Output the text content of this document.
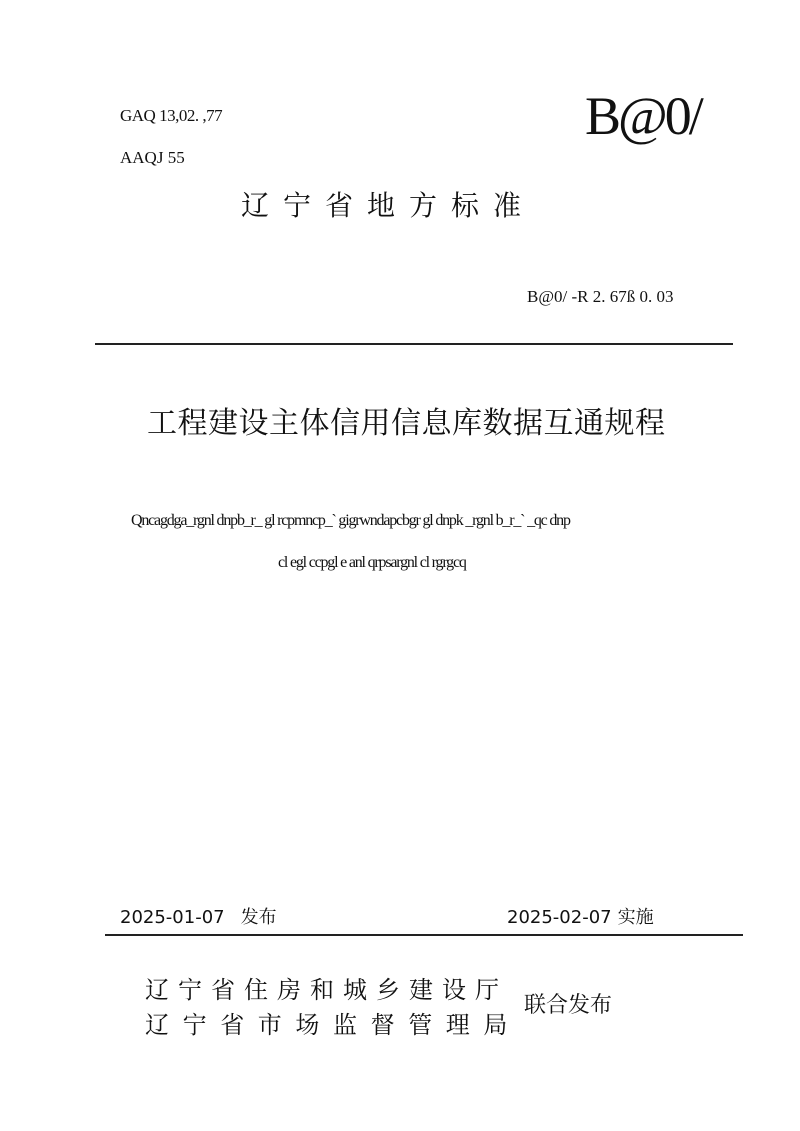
GAQ 13,02. ,77
AAQJ 55
B@0/
辽宁省地方标准
B@0/ -R 2. 67ß 0. 03
工程建设主体信用信息库数据互通规程
Qncagdga_rgnl dnpb_r_ gl rcpmncp_` gigrwndapcbgr gl dnpk _rgnl b_r_` _qc dnp
cl egl ccpgl e anl qrpsargnl cl rgrgcq
2025-01-07 发布	2025-02-07 实施
辽宁省住房和城乡建设厅
辽宁省市场监督管理局
联合发布
